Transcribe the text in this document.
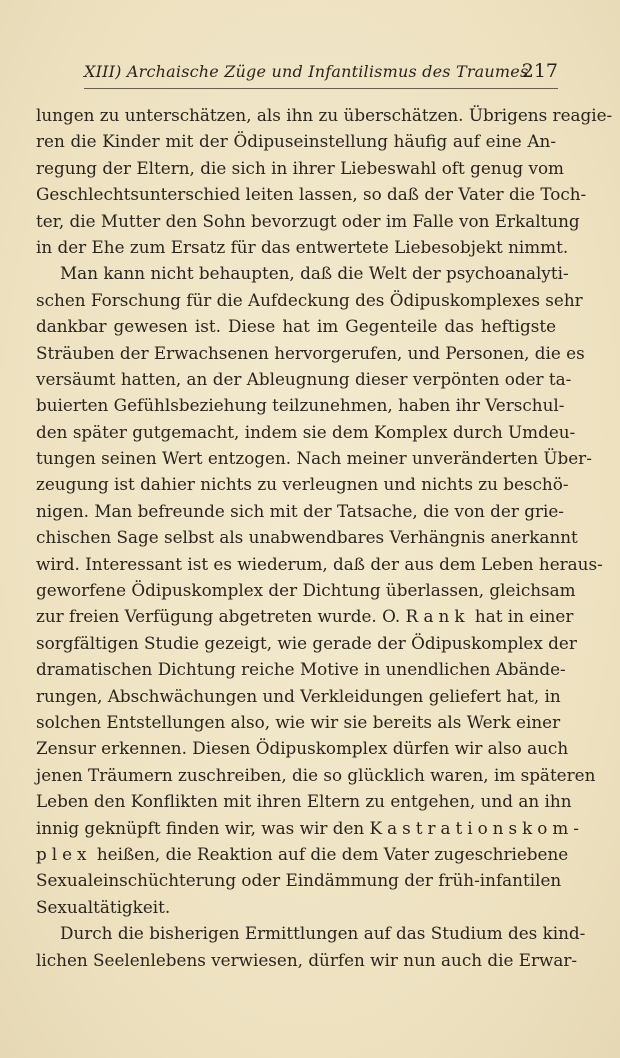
XIII) Archaische Züge und Infantilismus des Traumes
217
lungen zu unterschätzen, als ihn zu überschätzen. Übrigens reagie-
ren die Kinder mit der Ödipuseinstellung häufig auf eine An-
regung der Eltern, die sich in ihrer Liebeswahl oft genug vom
Geschlechtsunterschied leiten lassen, so daß der Vater die Toch-
ter, die Mutter den Sohn bevorzugt oder im Falle von Erkaltung
in der Ehe zum Ersatz für das entwertete Liebesobjekt nimmt.
Man kann nicht behaupten, daß die Welt der psychoanalyti-
schen Forschung für die Aufdeckung des Ödipuskomplexes sehr
dankbar gewesen ist. Diese hat im Gegenteile das heftigste
Sträuben der Erwachsenen hervorgerufen, und Personen, die es
versäumt hatten, an der Ableugnung dieser verpönten oder ta-
buierten Gefühlsbeziehung teilzunehmen, haben ihr Verschul-
den später gutgemacht, indem sie dem Komplex durch Umdeu-
tungen seinen Wert entzogen. Nach meiner unveränderten Über-
zeugung ist dahier nichts zu verleugnen und nichts zu beschö-
nigen. Man befreunde sich mit der Tatsache, die von der grie-
chischen Sage selbst als unabwendbares Verhängnis anerkannt
wird. Interessant ist es wiederum, daß der aus dem Leben heraus-
geworfene Ödipuskomplex der Dichtung überlassen, gleichsam
zur freien Verfügung abgetreten wurde. O. Rank hat in einer
sorgfältigen Studie gezeigt, wie gerade der Ödipuskomplex der
dramatischen Dichtung reiche Motive in unendlichen Abände-
rungen, Abschwächungen und Verkleidungen geliefert hat, in
solchen Entstellungen also, wie wir sie bereits als Werk einer
Zensur erkennen. Diesen Ödipuskomplex dürfen wir also auch
jenen Träumern zuschreiben, die so glücklich waren, im späteren
Leben den Konflikten mit ihren Eltern zu entgehen, und an ihn
innig geknüpft finden wir, was wir den Kastrationskom-
plex heißen, die Reaktion auf die dem Vater zugeschriebene
Sexualeinschüchterung oder Eindämmung der früh-infantilen
Sexualtätigkeit.
Durch die bisherigen Ermittlungen auf das Studium des kind-
lichen Seelenlebens verwiesen, dürfen wir nun auch die Erwar-
